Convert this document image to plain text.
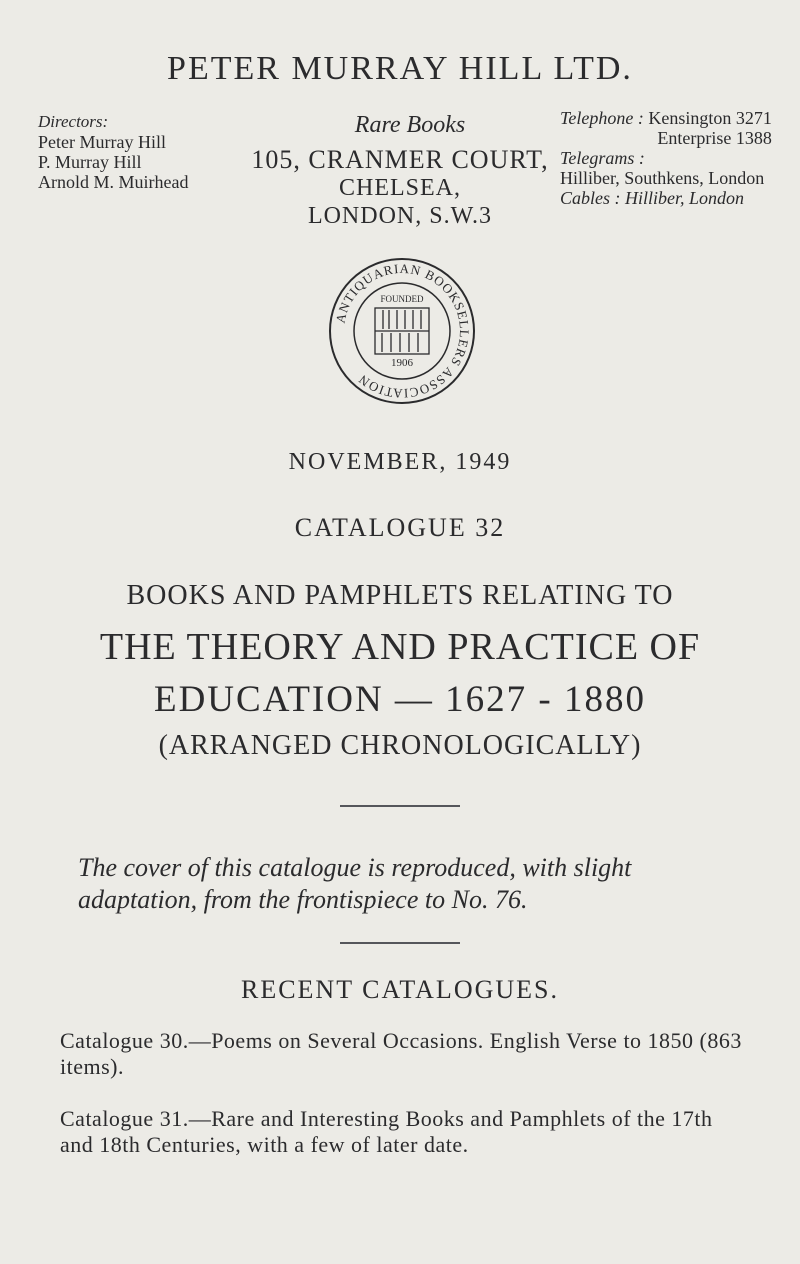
PETER MURRAY HILL LTD.
Directors:
Peter Murray Hill
P. Murray Hill
Arnold M. Muirhead
Rare Books
105, CRANMER COURT,
CHELSEA,
LONDON, S.W.3
Telephone : Kensington 3271
Enterprise 1388
Telegrams :
Hilliber, Southkens, London
Cables : Hilliber, London
ANTIQUARIAN BOOKSELLERS ASSOCIATION
FOUNDED
1906
NOVEMBER, 1949
CATALOGUE 32
BOOKS AND PAMPHLETS RELATING TO
THE THEORY AND PRACTICE OF
EDUCATION — 1627 - 1880
(ARRANGED CHRONOLOGICALLY)
The cover of this catalogue is reproduced, with slight adaptation, from the frontispiece to No. 76.
RECENT CATALOGUES.
Catalogue 30.—Poems on Several Occasions. English Verse to 1850 (863 items).
Catalogue 31.—Rare and Interesting Books and Pamphlets of the 17th and 18th Centuries, with a few of later date.
